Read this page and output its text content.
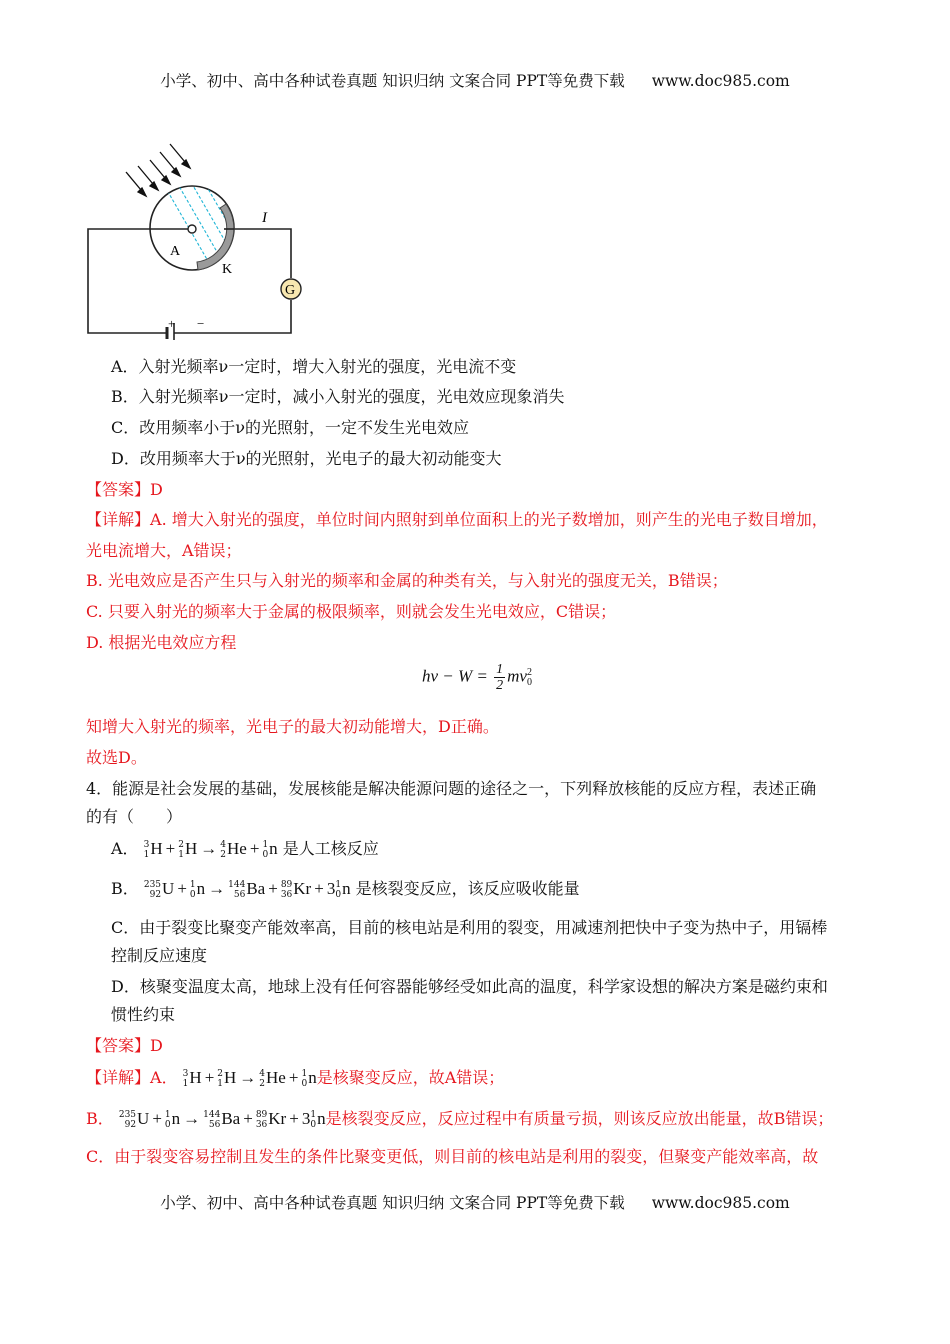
小学、初中、高中各种试卷真题 知识归纳 文案合同 PPT等免费下载 www.doc985.com
+ −
G
A
K
I
A．入射光频率ν一定时，增大入射光的强度，光电流不变
B．入射光频率ν一定时，减小入射光的强度，光电效应现象消失
C．改用频率小于ν的光照射，一定不发生光电效应
D．改用频率大于ν的光照射，光电子的最大初动能变大
【答案】D
【详解】A. 增大入射光的强度，单位时间内照射到单位面积上的光子数增加，则产生的光电子数目增加，
光电流增大，A错误；
B. 光电效应是否产生只与入射光的频率和金属的种类有关，与入射光的强度无关，B错误；
C. 只要入射光的频率大于金属的极限频率，则就会发生光电效应，C错误；
D. 根据光电效应方程
$h\nu - W = \frac{1}{2}$ mv 2
0
知增大入射光的频率，光电子的最大初动能增大，D正确。
故选D。
4．能源是社会发展的基础，发展核能是解决能源问题的途径之一，下列释放核能的反应方程，表述正确
的有（　　）
A． 3
1 H + 2
1 H → 4
2 He + 1
0 n 是人工核反应
B． 235
92 U + 1
0 n → 144
56 Ba + 89
36 Kr + 3 1
0 n 是核裂变反应，该反应吸收能量
C．由于裂变比聚变产能效率高，目前的核电站是利用的裂变，用减速剂把快中子变为热中子，用镉棒
控制反应速度
D．核聚变温度太高，地球上没有任何容器能够经受如此高的温度，科学家设想的解决方案是磁约束和
惯性约束
【答案】D
【详解】A． 3
1 H + 2
1 H → 4
2 He + 1
0 n是核聚变反应，故A错误；
B． 235
92 U + 1
0 n → 144
56 Ba + 89
36 Kr + 3 1
0 n是核裂变反应，反应过程中有质量亏损，则该反应放出能量，故B错误；
C．由于裂变容易控制且发生的条件比聚变更低，则目前的核电站是利用的裂变，但聚变产能效率高，故
小学、初中、高中各种试卷真题 知识归纳 文案合同 PPT等免费下载 www.doc985.com
